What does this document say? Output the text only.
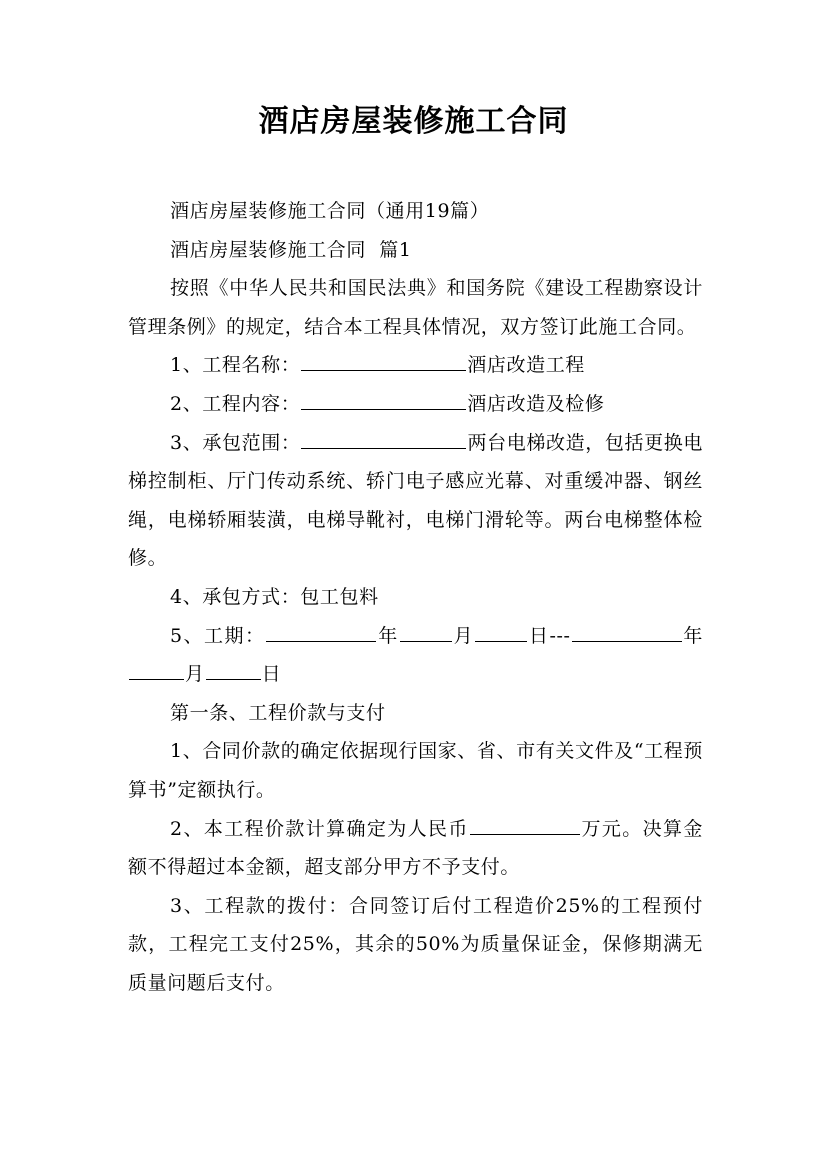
酒店房屋装修施工合同

酒店房屋装修施工合同（通用19篇）

酒店房屋装修施工合同  篇1

按照《中华人民共和国民法典》和国务院《建设工程勘察设计管理条例》的规定，结合本工程具体情况，双方签订此施工合同。

1、工程名称：	酒店改造工程

2、工程内容：	酒店改造及检修

3、承包范围：	两台电梯改造，包括更换电梯控制柜、厅门传动系统、轿门电子感应光幕、对重缓冲器、钢丝绳，电梯轿厢装潢，电梯导靴衬，电梯门滑轮等。两台电梯整体检修。

4、承包方式：包工包料

5、工期：	年	月	日---	年月	日

第一条、工程价款与支付

1、合同价款的确定依据现行国家、省、市有关文件及“工程预算书”定额执行。

2、本工程价款计算确定为人民币	万元。决算金额不得超过本金额，超支部分甲方不予支付。

3、工程款的拨付：合同签订后付工程造价25%的工程预付款，工程完工支付25%，其余的50%为质量保证金，保修期满无质量问题后支付。
